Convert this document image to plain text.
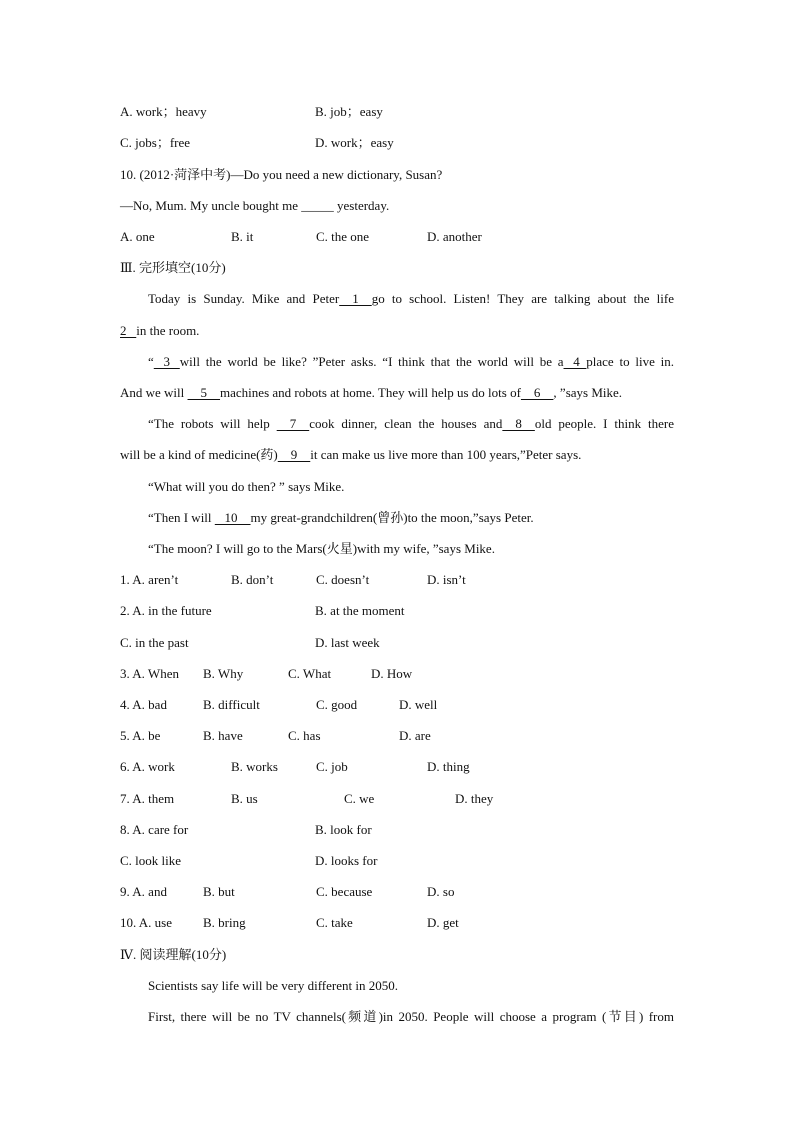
A. work；heavy	B. job；easy
C. jobs；free	D. work；easy
10. (2012·菏泽中考)—Do you need a new dictionary, Susan?
—No, Mum. My uncle bought me _____ yesterday.
A. one	B. it	C. the one	D. another
Ⅲ. 完形填空(10分)
Today is Sunday. Mike and Peter    1    go to school. Listen! They are talking about the life
2   in the room.
“   3   will the world be like? ”Peter asks. “I think that the world will be a   4  place to live in.
And we will     5    machines and robots at home. They will help us do lots of    6    , ”says Mike.
“The robots will help     7    cook dinner, clean the houses and    8    old people. I think there
will be a kind of medicine(药)    9    it can make us live more than 100 years,”Peter says.
“What will you do then? ” says Mike.
“Then I will    10    my great-grandchildren(曾孙)to the moon,”says Peter.
“The moon? I will go to the Mars(火星)with my wife, ”says Mike.
1. A. aren’t	B. don’t	C. doesn’t	D. isn’t
2. A. in the future	B. at the moment
C. in the past	D. last week
3. A. When B. Why	C. What	D. How
4. A. bad	B. difficult	C. good	D. well
5. A. be	B. have	C. has	D. are
6. A. work	B. works	C. job	D. thing
7. A. them	B. us	C. we	D. they
8. A. care for	B. look for
C. look like	D. looks for
9. A. and	B. but	C. because	D. so
10. A. use B. bring	C. take	D. get
Ⅳ. 阅读理解(10分)
Scientists say life will be very different in 2050.
First, there will be no TV channels(频道)in 2050. People will choose a program (节目) from
